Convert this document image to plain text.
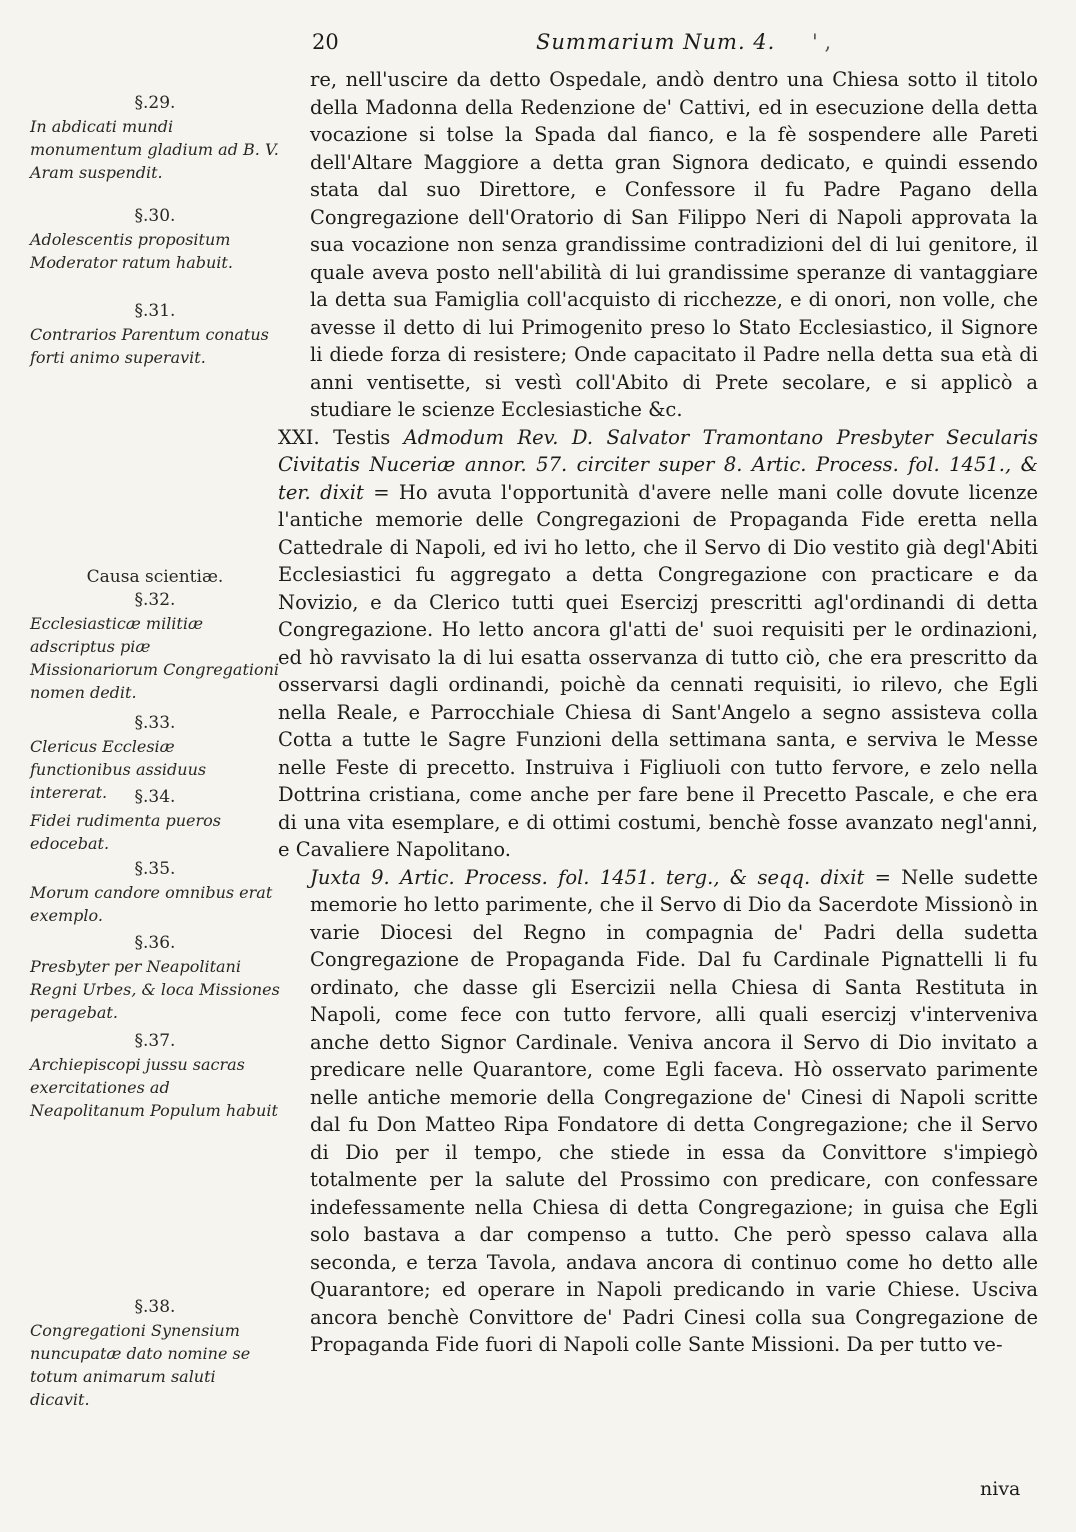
20	Summarium Num. 4. ' ,
§.29.
In abdicati mundi monumentum gladium ad B. V. Aram suspendit.
§.30.
Adolescentis propositum Moderator ratum habuit.
§.31.
Contrarios Parentum conatus forti animo superavit.
Causa scientiæ.
§.32.
Ecclesiasticæ militiæ adscriptus piæ Missionariorum Congregationi nomen dedit.
§.33.
Clericus Ecclesiæ functionibus assiduus intererat.	§.34.
Fidei rudimenta pueros edocebat.
§.35.
Morum candore omnibus erat exemplo.
§.36.
Presbyter per Neapolitani Regni Urbes, & loca Missiones peragebat.
§.37.
Archiepiscopi jussu sacras exercitationes ad Neapolitanum Populum habuit
§.38.
Congregationi Synensium nuncupatæ dato nomine se totum animarum saluti dicavit.

re, nell'uscire da detto Ospedale, andò dentro una Chiesa sotto il titolo della Madonna della Redenzione de' Cattivi, ed in esecuzione della detta vocazione si tolse la Spada dal fianco, e la fè sospendere alle Pareti dell'Altare Maggiore a detta gran Signora dedicato, e quindi essendo stata dal suo Direttore, e Confessore il fu Padre Pagano della Congregazione dell'Oratorio di San Filippo Neri di Napoli approvata la sua vocazione non senza grandissime contradizioni del di lui genitore, il quale aveva posto nell'abilità di lui grandissime speranze di vantaggiare la detta sua Famiglia coll'acquisto di ricchezze, e di onori, non volle, che avesse il detto di lui Primogenito preso lo Stato Ecclesiastico, il Signore li diede forza di resistere; Onde capacitato il Padre nella detta sua età di anni ventisette, si vestì coll'Abito di Prete secolare, e si applicò a studiare le scienze Ecclesiastiche &c.

XXI. Testis Admodum Rev. D. Salvator Tramontano Presbyter Secularis Civitatis Nuceriæ annor. 57. circiter super 8. Artic. Process. fol. 1451., & ter. dixit = Ho avuta l'opportunità d'avere nelle mani colle dovute licenze l'antiche memorie delle Congregazioni de Propaganda Fide eretta nella Cattedrale di Napoli, ed ivi ho letto, che il Servo di Dio vestito già degl'Abiti Ecclesiastici fu aggregato a detta Congregazione con practicare e da Novizio, e da Clerico tutti quei Esercizj prescritti agl'ordinandi di detta Congregazione. Ho letto ancora gl'atti de' suoi requisiti per le ordinazioni, ed hò ravvisato la di lui esatta osservanza di tutto ciò, che era prescritto da osservarsi dagli ordinandi, poichè da cennati requisiti, io rilevo, che Egli nella Reale, e Parrocchiale Chiesa di Sant'Angelo a segno assisteva colla Cotta a tutte le Sagre Funzioni della settimana santa, e serviva le Messe nelle Feste di precetto. Instruiva i Figliuoli con tutto fervore, e zelo nella Dottrina cristiana, come anche per fare bene il Precetto Pascale, e che era di una vita esemplare, e di ottimi costumi, benchè fosse avanzato negl'anni, e Cavaliere Napolitano.

Juxta 9. Artic. Process. fol. 1451. terg., & seqq. dixit = Nelle sudette memorie ho letto parimente, che il Servo di Dio da Sacerdote Missionò in varie Diocesi del Regno in compagnia de' Padri della sudetta Congregazione de Propaganda Fide. Dal fu Cardinale Pignattelli li fu ordinato, che dasse gli Esercizii nella Chiesa di Santa Restituta in Napoli, come fece con tutto fervore, alli quali esercizj v'interveniva anche detto Signor Cardinale. Veniva ancora il Servo di Dio invitato a predicare nelle Quarantore, come Egli faceva. Hò osservato parimente nelle antiche memorie della Congregazione de' Cinesi di Napoli scritte dal fu Don Matteo Ripa Fondatore di detta Congregazione; che il Servo di Dio per il tempo, che stiede in essa da Convittore s'impiegò totalmente per la salute del Prossimo con predicare, con confessare indefessamente nella Chiesa di detta Congregazione; in guisa che Egli solo bastava a dar compenso a tutto. Che però spesso calava alla seconda, e terza Tavola, andava ancora di continuo come ho detto alle Quarantore; ed operare in Napoli predicando in varie Chiese. Usciva ancora benchè Convittore de' Padri Cinesi colla sua Congregazione de Propaganda Fide fuori di Napoli colle Sante Missioni. Da per tutto ve-

niva
